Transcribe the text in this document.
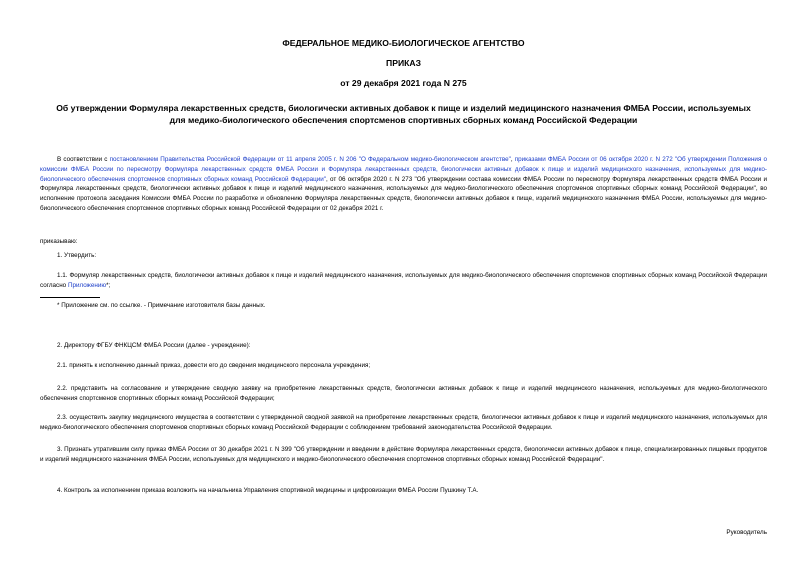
ФЕДЕРАЛЬНОЕ МЕДИКО-БИОЛОГИЧЕСКОЕ АГЕНТСТВО
ПРИКАЗ
от 29 декабря 2021 года N 275
Об утверждении Формуляра лекарственных средств, биологически активных добавок к пище и изделий медицинского назначения ФМБА России, используемых
для медико-биологического обеспечения спортсменов спортивных сборных команд Российской Федерации

В соответствии с постановлением Правительства Российской Федерации от 11 апреля 2005 г. N 206 "О Федеральном медико-биологическом агентстве", приказами ФМБА России от 06 октября 2020 г. N 272 "Об утверждении Положения о комиссии ФМБА России по пересмотру Формуляра лекарственных средств ФМБА России и Формуляра лекарственных средств, биологически активных добавок к пище и изделий медицинского назначения, используемых для медико-биологического обеспечения спортсменов спортивных сборных команд Российской Федерации", от 06 октября 2020 г. N 273 "Об утверждении состава комиссии ФМБА России по пересмотру Формуляра лекарственных средств ФМБА России и Формуляра лекарственных средств, биологически активных добавок к пище и изделий медицинского назначения, используемых для медико-биологического обеспечения спортсменов спортивных сборных команд Российской Федерации", во исполнение протокола заседания Комиссии ФМБА России по разработке и обновлению Формуляра лекарственных средств, биологически активных добавок к пище, изделий медицинского назначения ФМБА России, используемых для медико-биологического обеспечения спортсменов спортивных сборных команд Российской Федерации от 02 декабря 2021 г.

приказываю:

1. Утвердить:

1.1. Формуляр лекарственных средств, биологически активных добавок к пище и изделий медицинского назначения, используемых для медико-биологического обеспечения спортсменов спортивных сборных команд Российской Федерации согласно Приложению*;

* Приложение см. по ссылке. - Примечание изготовителя базы данных.

2. Директору ФГБУ ФНКЦСМ ФМБА России (далее - учреждение):

2.1. принять к исполнению данный приказ, довести его до сведения медицинского персонала учреждения;

2.2. представить на согласование и утверждение сводную заявку на приобретение лекарственных средств, биологически активных добавок к пище и изделий медицинского назначения, используемых для медико-биологического обеспечения спортсменов спортивных сборных команд Российской Федерации;

2.3. осуществить закупку медицинского имущества в соответствии с утвержденной сводной заявкой на приобретение лекарственных средств, биологически активных добавок к пище и изделий медицинского назначения, используемых для медико-биологического обеспечения спортсменов спортивных сборных команд Российской Федерации с соблюдением требований законодательства Российской Федерации.

3. Признать утратившим силу приказ ФМБА России от 30 декабря 2021 г. N 399 "Об утверждении и введении в действие Формуляра лекарственных средств, биологически активных добавок к пище, специализированных пищевых продуктов и изделий медицинского назначения ФМБА России, используемых для медицинского и медико-биологического обеспечения спортсменов спортивных сборных команд Российской Федерации".

4. Контроль за исполнением приказа возложить на начальника Управления спортивной медицины и цифровизации ФМБА России Пушкину Т.А.

Руководитель
